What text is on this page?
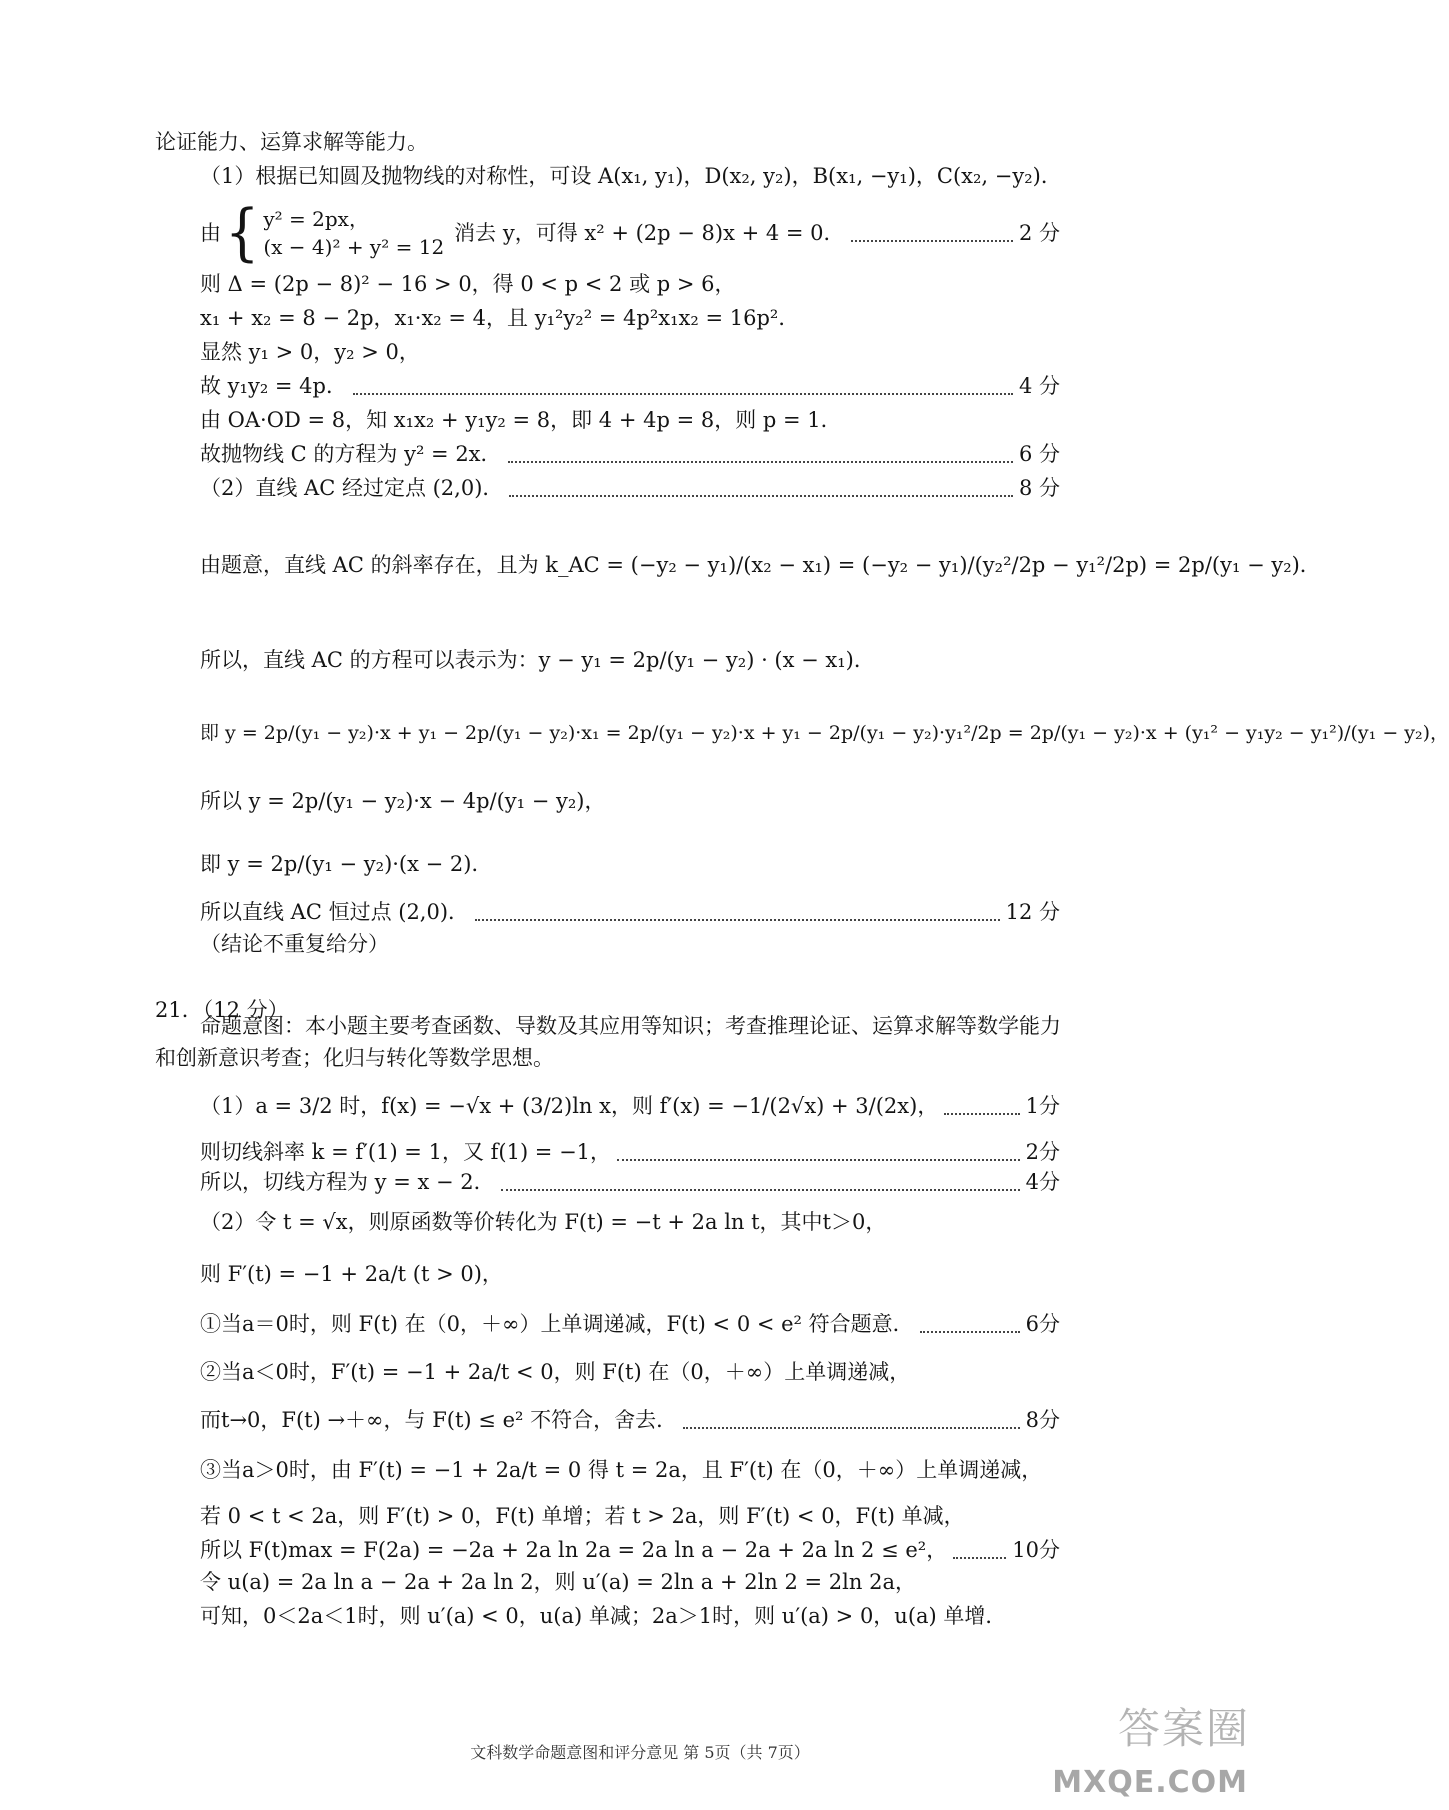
论证能力、运算求解等能力。
（1）根据已知圆及抛物线的对称性，可设 A(x₁, y₁)，D(x₂, y₂)，B(x₁, −y₁)，C(x₂, −y₂)．
由 { y² = 2px，
(x − 4)² + y² = 12
消去 y，可得 x² + (2p − 8)x + 4 = 0．	2 分
则 Δ = (2p − 8)² − 16 > 0，得 0 < p < 2 或 p > 6，
x₁ + x₂ = 8 − 2p，x₁·x₂ = 4，且 y₁²y₂² = 4p²x₁x₂ = 16p²．
显然 y₁ > 0，y₂ > 0，
故 y₁y₂ = 4p．	4 分
由 OA·OD = 8，知 x₁x₂ + y₁y₂ = 8，即 4 + 4p = 8，则 p = 1．
故抛物线 C 的方程为 y² = 2x．	6 分
（2）直线 AC 经过定点 (2,0)．	8 分
由题意，直线 AC 的斜率存在，且为 k_AC = (−y₂ − y₁)/(x₂ − x₁) = (−y₂ − y₁)/(y₂²/2p − y₁²/2p) = 2p/(y₁ − y₂)．
所以，直线 AC 的方程可以表示为：y − y₁ = 2p/(y₁ − y₂) · (x − x₁)．
即 y = 2p/(y₁ − y₂)·x + y₁ − 2p/(y₁ − y₂)·x₁ = 2p/(y₁ − y₂)·x + y₁ − 2p/(y₁ − y₂)·y₁²/2p = 2p/(y₁ − y₂)·x + (y₁² − y₁y₂ − y₁²)/(y₁ − y₂)，
所以 y = 2p/(y₁ − y₂)·x − 4p/(y₁ − y₂)，
即 y = 2p/(y₁ − y₂)·(x − 2)．
所以直线 AC 恒过点 (2,0)．	12 分
（结论不重复给分）
21．（12 分）
命题意图：本小题主要考查函数、导数及其应用等知识；考查推理论证、运算求解等数学能力
和创新意识考查；化归与转化等数学思想。
（1）a = 3/2 时，f(x) = −√x + (3/2)ln x，则 f′(x) = −1/(2√x) + 3/(2x)，	1分
则切线斜率 k = f′(1) = 1，又 f(1) = −1，	2分
所以，切线方程为 y = x − 2．	4分
（2）令 t = √x，则原函数等价转化为 F(t) = −t + 2a ln t，其中t＞0，
则 F′(t) = −1 + 2a/t (t > 0)，
①当a＝0时，则 F(t) 在（0，＋∞）上单调递减，F(t) < 0 < e² 符合题意．	6分
②当a＜0时，F′(t) = −1 + 2a/t < 0，则 F(t) 在（0，＋∞）上单调递减，
而t→0，F(t) →＋∞，与 F(t) ≤ e² 不符合，舍去．	8分
③当a＞0时，由 F′(t) = −1 + 2a/t = 0 得 t = 2a，且 F′(t) 在（0，＋∞）上单调递减，
若 0 < t < 2a，则 F′(t) > 0，F(t) 单增；若 t > 2a，则 F′(t) < 0，F(t) 单减，
所以 F(t)max = F(2a) = −2a + 2a ln 2a = 2a ln a − 2a + 2a ln 2 ≤ e²，	10分
令 u(a) = 2a ln a − 2a + 2a ln 2，则 u′(a) = 2ln a + 2ln 2 = 2ln 2a，
可知，0＜2a＜1时，则 u′(a) < 0，u(a) 单减；2a＞1时，则 u′(a) > 0，u(a) 单增．
文科数学命题意图和评分意见 第 5页（共 7页）	答案圈
MXQE.COM
